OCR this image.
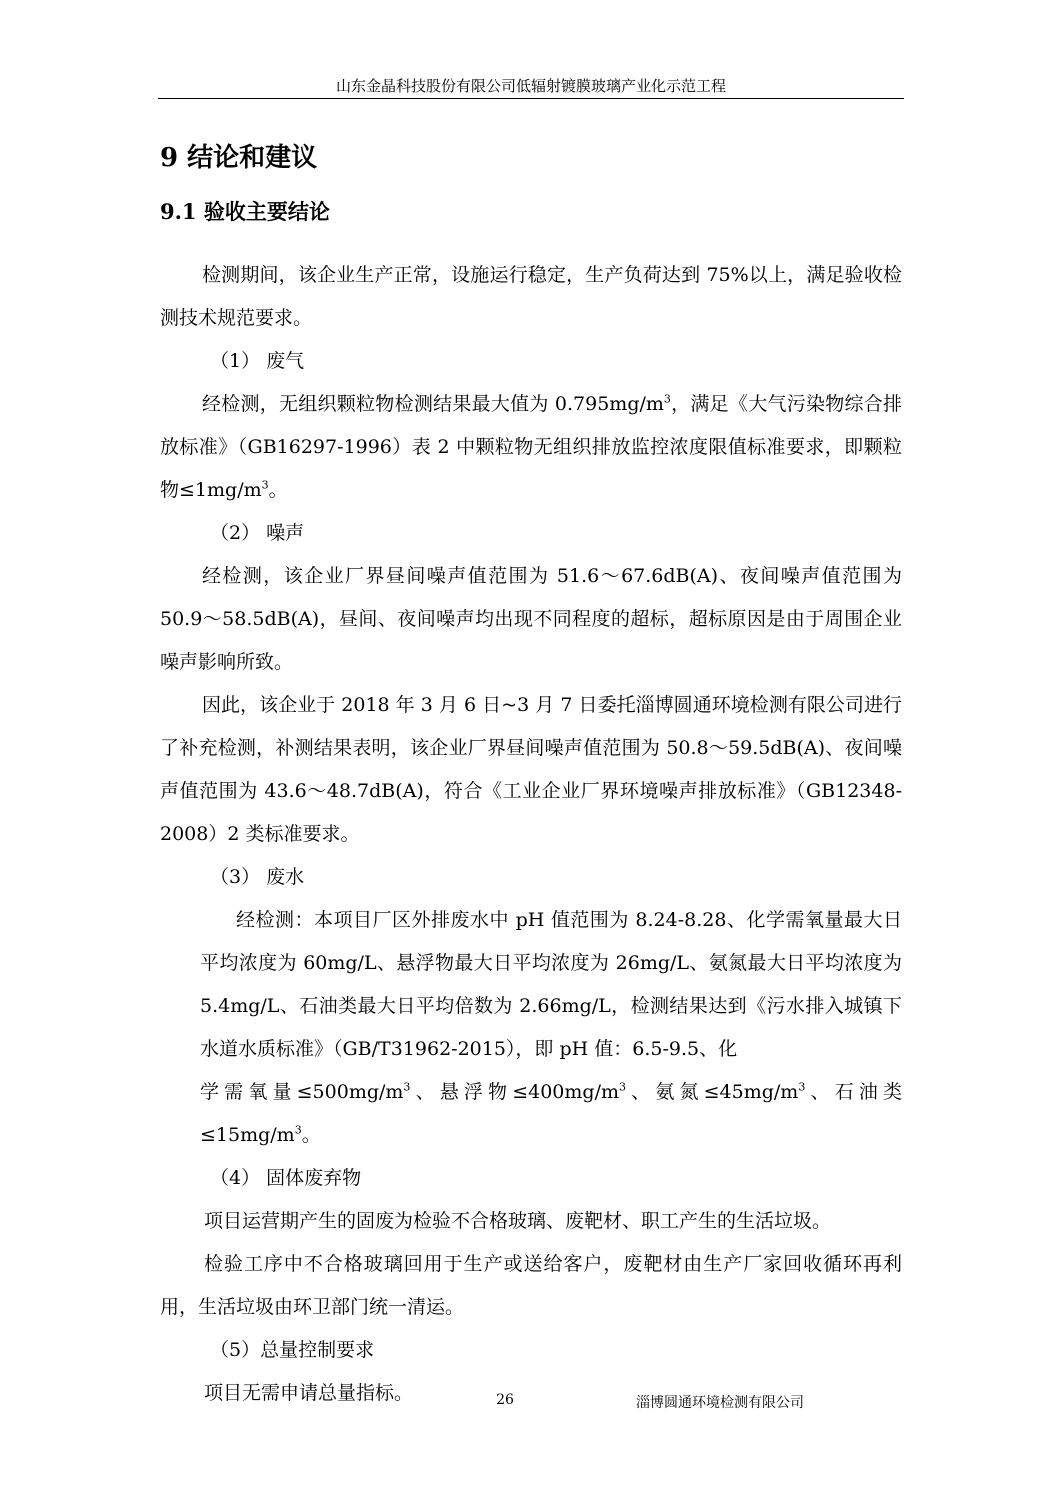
山东金晶科技股份有限公司低辐射镀膜玻璃产业化示范工程
9 结论和建议
9.1 验收主要结论

检测期间，该企业生产正常，设施运行稳定，生产负荷达到 75%以上，满足验收检测技术规范要求。

（1） 废气

经检测，无组织颗粒物检测结果最大值为 $0.795mg/m^3$，满足《大气污染物综合排放标准》（GB16297-1996）表 2 中颗粒物无组织排放监控浓度限值标准要求，即颗粒物$\le 1mg/m^3$。

（2） 噪声

经检测，该企业厂界昼间噪声值范围为 51.6～67.6dB(A)、夜间噪声值范围为 50.9～58.5dB(A)，昼间、夜间噪声均出现不同程度的超标，超标原因是由于周围企业噪声影响所致。

因此，该企业于 2018 年 3 月 6 日~3 月 7 日委托淄博圆通环境检测有限公司进行了补充检测，补测结果表明，该企业厂界昼间噪声值范围为 50.8～59.5dB(A)、夜间噪声值范围为 43.6～48.7dB(A)，符合《工业企业厂界环境噪声排放标准》（GB12348-2008）2 类标准要求。

（3） 废水

经检测：本项目厂区外排废水中 pH 值范围为 8.24-8.28、化学需氧量最大日平均浓度为 60mg/L、悬浮物最大日平均浓度为 26mg/L、氨氮最大日平均浓度为 5.4mg/L、石油类最大日平均倍数为 2.66mg/L，检测结果达到《污水排入城镇下水道水质标准》（GB/T31962-2015），即 pH 值：6.5-9.5、化

学需氧量$\le 500mg/m^3$、悬浮物$\le 400mg/m^3$、氨氮$\le 45mg/m^3$、石油类$\le 15mg/m^3$。

（4） 固体废弃物

项目运营期产生的固废为检验不合格玻璃、废靶材、职工产生的生活垃圾。

检验工序中不合格玻璃回用于生产或送给客户，废靶材由生产厂家回收循环再利用，生活垃圾由环卫部门统一清运。

（5）总量控制要求

项目无需申请总量指标。	26	淄博圆通环境检测有限公司
